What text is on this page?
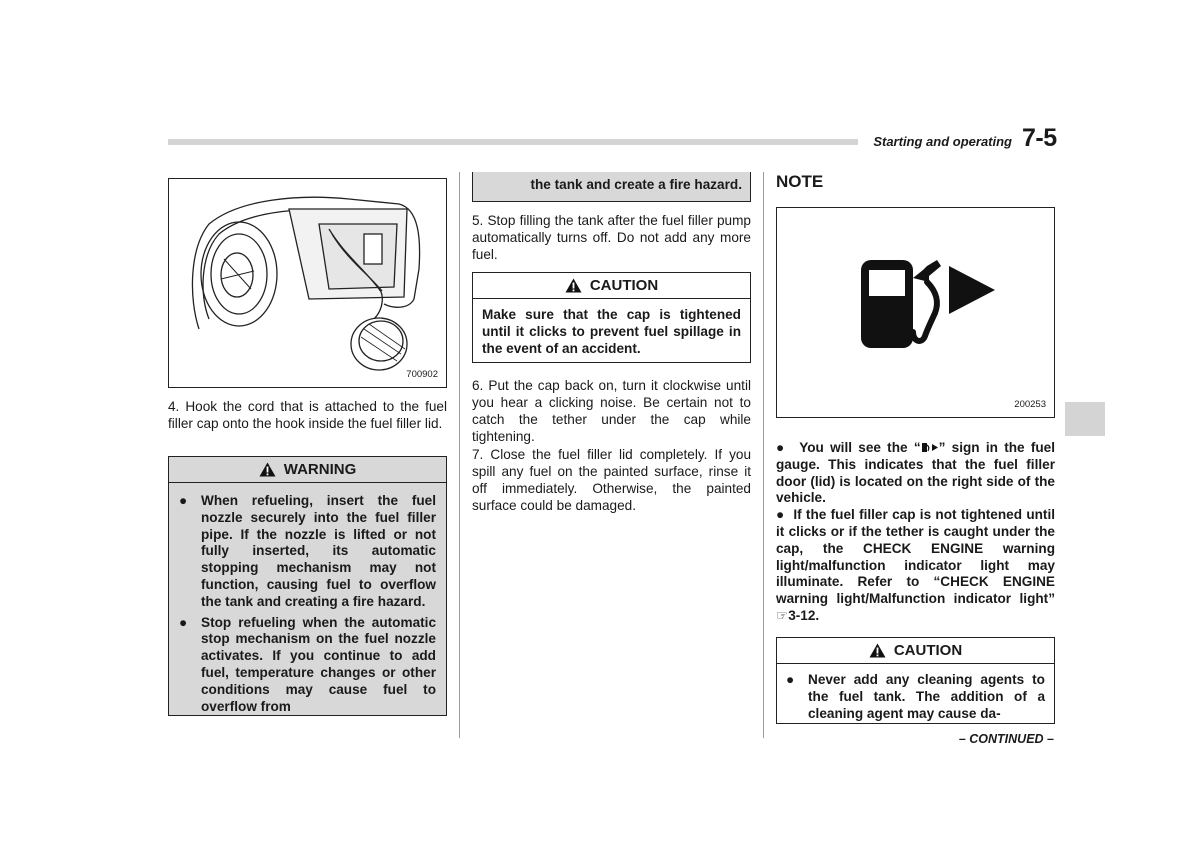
Starting and operating 7-5
700902
4. Hook the cord that is attached to the fuel filler cap onto the hook inside the fuel filler lid.
WARNING
●	When refueling, insert the fuel nozzle securely into the fuel filler pipe. If the nozzle is lifted or not fully inserted, its automatic stopping mechanism may not function, causing fuel to overflow the tank and creating a fire hazard.
●	Stop refueling when the automatic stop mechanism on the fuel nozzle activates. If you continue to add fuel, temperature changes or other conditions may cause fuel to overflow from
the tank and create a fire hazard.
5. Stop filling the tank after the fuel filler pump automatically turns off. Do not add any more fuel.
CAUTION
Make sure that the cap is tightened until it clicks to prevent fuel spillage in the event of an accident.
6. Put the cap back on, turn it clockwise until you hear a clicking noise. Be certain not to catch the tether under the cap while tightening.
7. Close the fuel filler lid completely. If you spill any fuel on the painted surface, rinse it off immediately. Otherwise, the painted surface could be damaged.
NOTE
200253
●  You will see the “ ” sign in the fuel gauge. This indicates that the fuel filler door (lid) is located on the right side of the vehicle.
●  If the fuel filler cap is not tightened until it clicks or if the tether is caught under the cap, the CHECK ENGINE warning light/malfunction indicator light may illuminate. Refer to “CHECK ENGINE warning light/Malfunction indicator light” ☞3-12.
CAUTION
●	Never add any cleaning agents to the fuel tank. The addition of a cleaning agent may cause da-
– CONTINUED –
